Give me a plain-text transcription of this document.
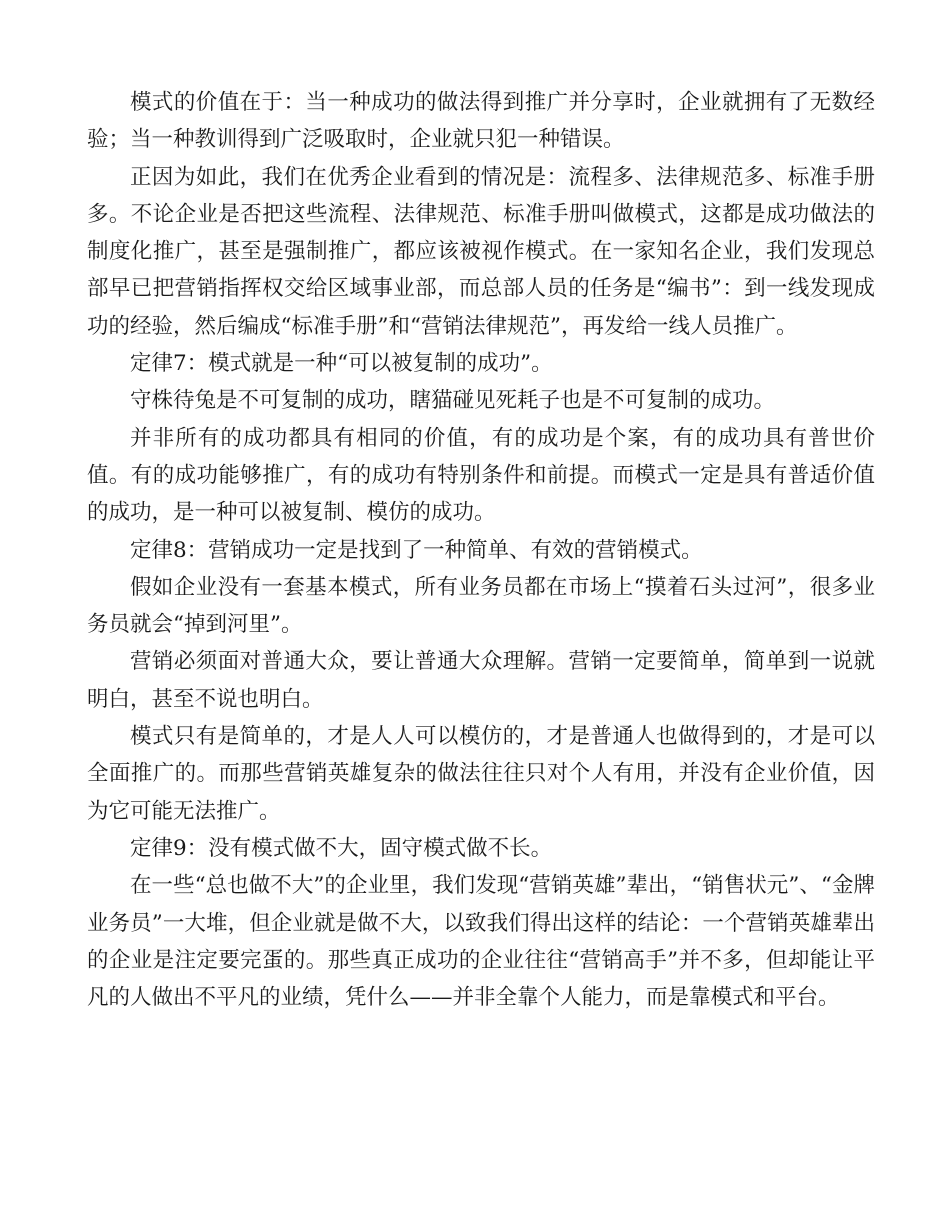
模式的价值在于：当一种成功的做法得到推广并分享时，企业就拥有了无数经验；当一种教训得到广泛吸取时，企业就只犯一种错误。

正因为如此，我们在优秀企业看到的情况是：流程多、法律规范多、标准手册多。不论企业是否把这些流程、法律规范、标准手册叫做模式，这都是成功做法的制度化推广，甚至是强制推广，都应该被视作模式。在一家知名企业，我们发现总部早已把营销指挥权交给区域事业部，而总部人员的任务是“编书”：到一线发现成功的经验，然后编成“标准手册”和“营销法律规范”，再发给一线人员推广。

定律7：模式就是一种“可以被复制的成功”。

守株待兔是不可复制的成功，瞎猫碰见死耗子也是不可复制的成功。

并非所有的成功都具有相同的价值，有的成功是个案，有的成功具有普世价值。有的成功能够推广，有的成功有特别条件和前提。而模式一定是具有普适价值的成功，是一种可以被复制、模仿的成功。

定律8：营销成功一定是找到了一种简单、有效的营销模式。

假如企业没有一套基本模式，所有业务员都在市场上“摸着石头过河”，很多业务员就会“掉到河里”。

营销必须面对普通大众，要让普通大众理解。营销一定要简单，简单到一说就明白，甚至不说也明白。

模式只有是简单的，才是人人可以模仿的，才是普通人也做得到的，才是可以全面推广的。而那些营销英雄复杂的做法往往只对个人有用，并没有企业价值，因为它可能无法推广。

定律9：没有模式做不大，固守模式做不长。

在一些“总也做不大”的企业里，我们发现“营销英雄”辈出，“销售状元”、“金牌业务员”一大堆，但企业就是做不大，以致我们得出这样的结论：一个营销英雄辈出的企业是注定要完蛋的。那些真正成功的企业往往“营销高手”并不多，但却能让平凡的人做出不平凡的业绩，凭什么——并非全靠个人能力，而是靠模式和平台。
